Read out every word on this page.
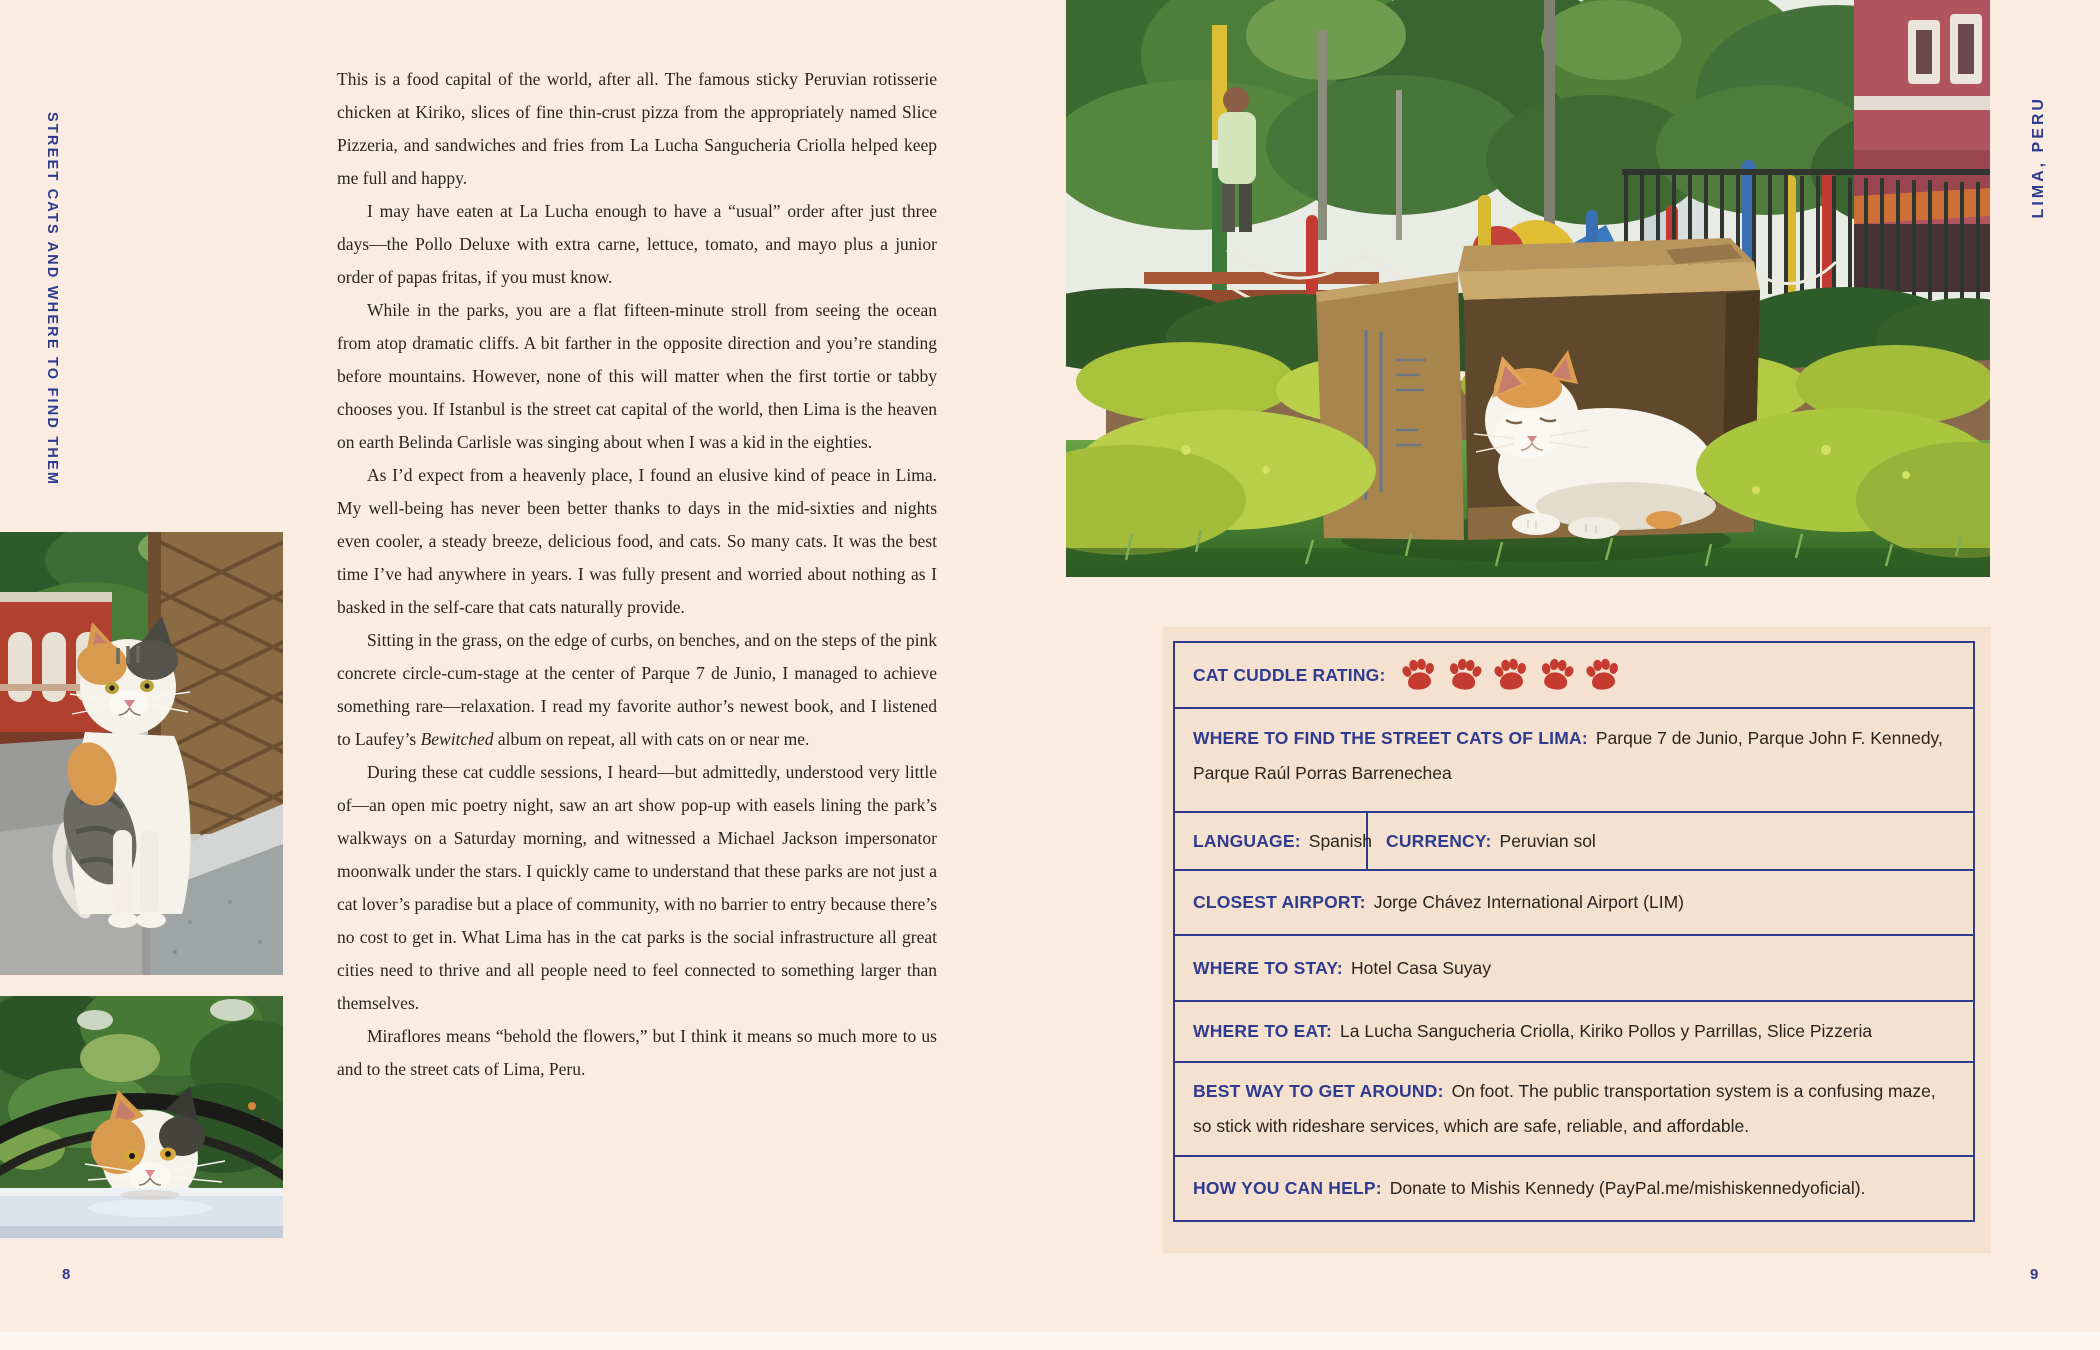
STREET CATS AND WHERE TO FIND THEM

This is a food capital of the world, after all. The famous sticky Peruvian rotisserie chicken at Kiriko, slices of fine thin-crust pizza from the appropriately named Slice Pizzeria, and sandwiches and fries from La Lucha Sangucheria Criolla helped keep me full and happy.

I may have eaten at La Lucha enough to have a “usual” order after just three days—the Pollo Deluxe with extra carne, lettuce, tomato, and mayo plus a junior order of papas fritas, if you must know.

While in the parks, you are a flat fifteen-minute stroll from seeing the ocean from atop dramatic cliffs. A bit farther in the opposite direction and you’re standing before mountains. However, none of this will matter when the first tortie or tabby chooses you. If Istanbul is the street cat capital of the world, then Lima is the heaven on earth Belinda Carlisle was singing about when I was a kid in the eighties.

As I’d expect from a heavenly place, I found an elusive kind of peace in Lima. My well-being has never been better thanks to days in the mid-sixties and nights even cooler, a steady breeze, delicious food, and cats. So many cats. It was the best time I’ve had anywhere in years. I was fully present and worried about nothing as I basked in the self-care that cats naturally provide.

Sitting in the grass, on the edge of curbs, on benches, and on the steps of the pink concrete circle-cum-stage at the center of Parque 7 de Junio, I managed to achieve something rare—relaxation. I read my favorite author’s newest book, and I listened to Laufey’s Bewitched album on repeat, all with cats on or near me.

During these cat cuddle sessions, I heard—but admittedly, understood very little of—an open mic poetry night, saw an art show pop-up with easels lining the park’s walkways on a Saturday morning, and witnessed a Michael Jackson impersonator moonwalk under the stars. I quickly came to understand that these parks are not just a cat lover’s paradise but a place of community, with no barrier to entry because there’s no cost to get in. What Lima has in the cat parks is the social infrastructure all great cities need to thrive and all people need to feel connected to something larger than themselves.

Miraflores means “behold the flowers,” but I think it means so much more to us and to the street cats of Lima, Peru.

8
LIMA, PERU
CAT CUDDLE RATING:
WHERE TO FIND THE STREET CATS OF LIMA: Parque 7 de Junio, Parque John F. Kennedy, Parque Raúl Porras Barrenechea
LANGUAGE: Spanish CURRENCY: Peruvian sol
CLOSEST AIRPORT: Jorge Chávez International Airport (LIM)
WHERE TO STAY: Hotel Casa Suyay
WHERE TO EAT: La Lucha Sangucheria Criolla, Kiriko Pollos y Parrillas, Slice Pizzeria
BEST WAY TO GET AROUND: On foot. The public transportation system is a confusing maze, so stick with rideshare services, which are safe, reliable, and affordable.
HOW YOU CAN HELP: Donate to Mishis Kennedy (PayPal.me/mishiskennedyoficial).
9
